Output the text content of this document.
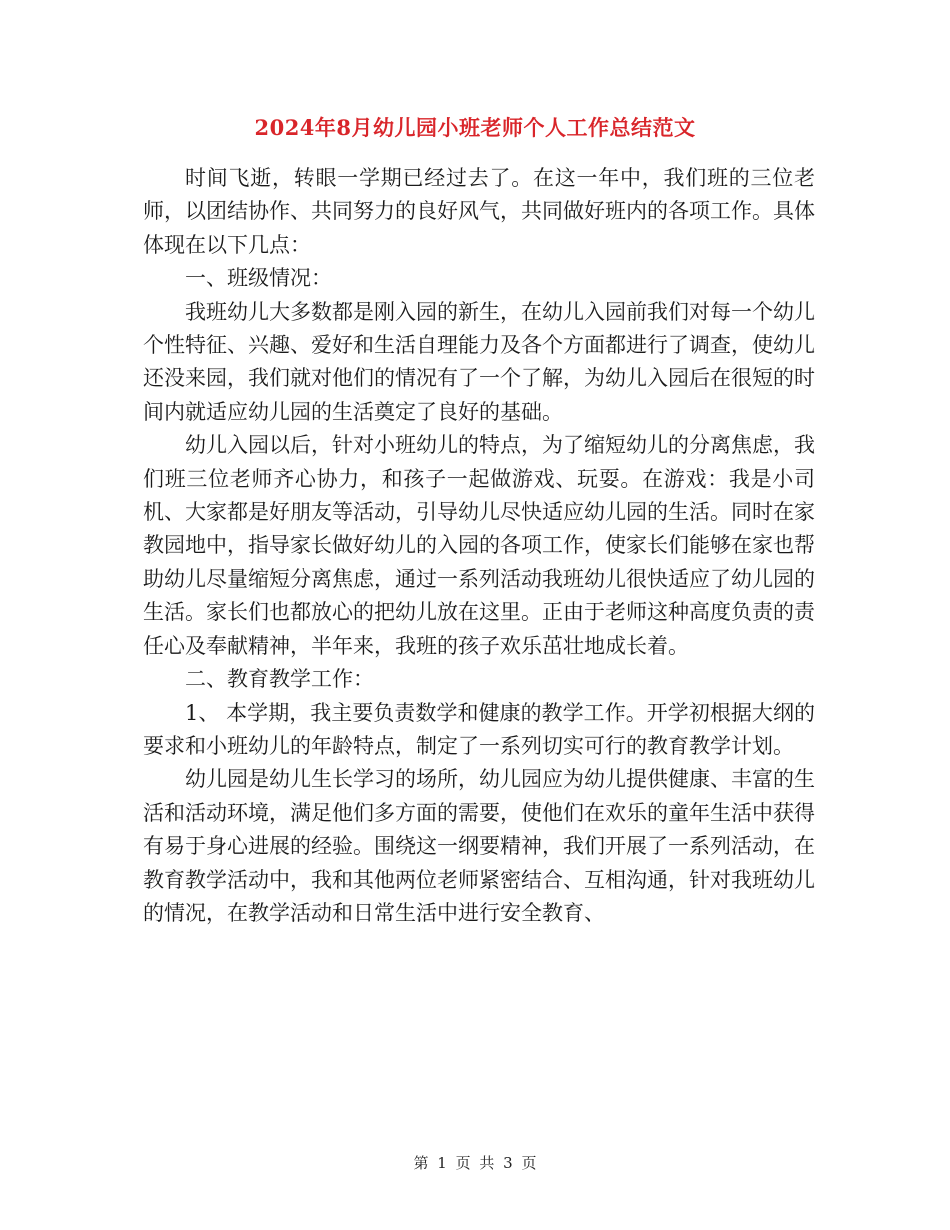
2024年8月幼儿园小班老师个人工作总结范文

时间飞逝，转眼一学期已经过去了。在这一年中，我们班的三位老师，以团结协作、共同努力的良好风气，共同做好班内的各项工作。具体体现在以下几点：

一、班级情况：

我班幼儿大多数都是刚入园的新生，在幼儿入园前我们对每一个幼儿个性特征、兴趣、爱好和生活自理能力及各个方面都进行了调查，使幼儿还没来园，我们就对他们的情况有了一个了解，为幼儿入园后在很短的时间内就适应幼儿园的生活奠定了良好的基础。

幼儿入园以后，针对小班幼儿的特点，为了缩短幼儿的分离焦虑，我们班三位老师齐心协力，和孩子一起做游戏、玩耍。在游戏：我是小司机、大家都是好朋友等活动，引导幼儿尽快适应幼儿园的生活。同时在家教园地中，指导家长做好幼儿的入园的各项工作，使家长们能够在家也帮助幼儿尽量缩短分离焦虑，通过一系列活动我班幼儿很快适应了幼儿园的生活。家长们也都放心的把幼儿放在这里。正由于老师这种高度负责的责任心及奉献精神，半年来，我班的孩子欢乐茁壮地成长着。

二、教育教学工作：

1、 本学期，我主要负责数学和健康的教学工作。开学初根据大纲的要求和小班幼儿的年龄特点，制定了一系列切实可行的教育教学计划。

幼儿园是幼儿生长学习的场所，幼儿园应为幼儿提供健康、丰富的生活和活动环境，满足他们多方面的需要，使他们在欢乐的童年生活中获得有易于身心进展的经验。围绕这一纲要精神，我们开展了一系列活动，在教育教学活动中，我和其他两位老师紧密结合、互相沟通，针对我班幼儿的情况，在教学活动和日常生活中进行安全教育、

第 1 页 共 3 页
